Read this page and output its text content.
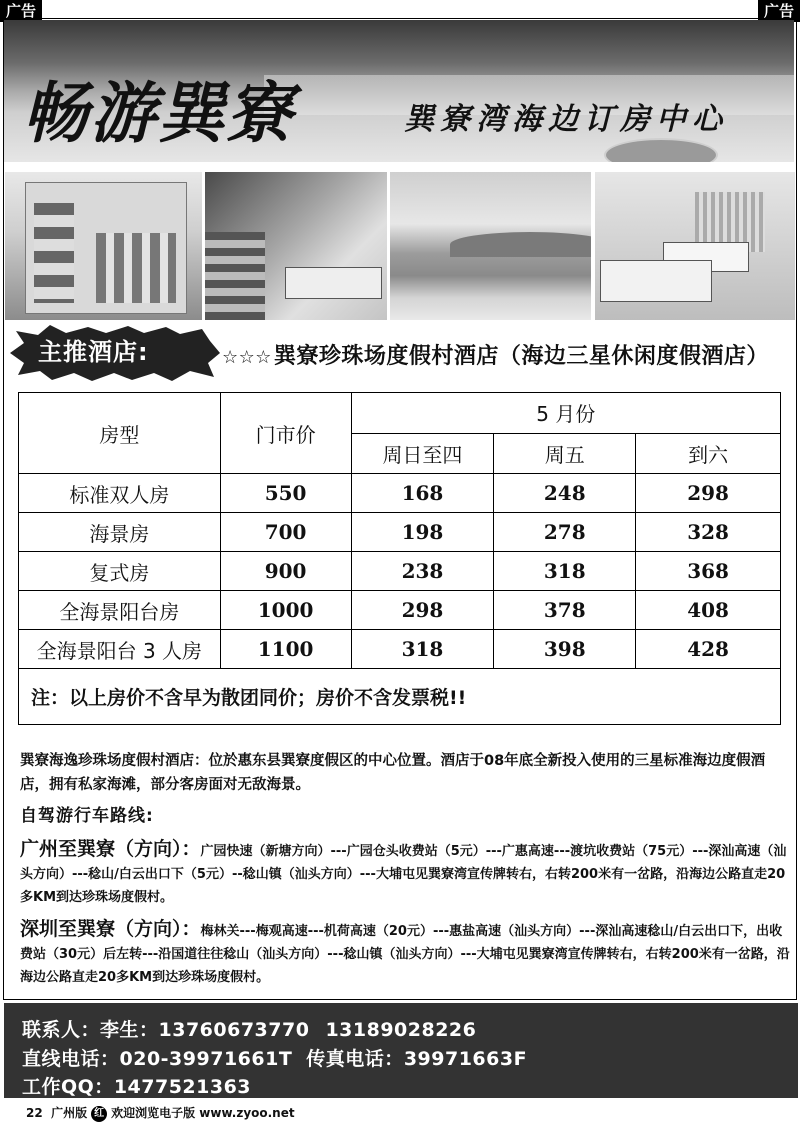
广告	广告
畅游巽寮	巽寮湾海边订房中心
主推酒店:	☆☆☆巽寮珍珠场度假村酒店（海边三星休闲度假酒店）
房型	门市价	5 月份		
		周日至四	周五	到六
标准双人房	550	168	248	298
海景房	700	198	278	328
复式房	900	238	318	368
全海景阳台房	1000	298	378	408
全海景阳台 3 人房	1100	318	398	428
注：以上房价不含早为散团同价；房价不含发票税!!				
巽寮海逸珍珠场度假村酒店：位於惠东县巽寮度假区的中心位置。酒店于08年底全新投入使用的三星标准海边度假酒店，拥有私家海滩，部分客房面对无敌海景。
自驾游行车路线:
广州至巽寮（方向）：广园快速（新塘方向）---广园仓头收费站（5元）---广惠高速---渡坑收费站（75元）---深汕高速（汕头方向）---稔山/白云出口下（5元）--稔山镇（汕头方向）---大埔屯见巽寮湾宣传牌转右，右转200米有一岔路，沿海边公路直走20多KM到达珍珠场度假村。
深圳至巽寮（方向）：梅林关---梅观高速---机荷高速（20元）---惠盐高速（汕头方向）---深汕高速稔山/白云出口下，出收费站（30元）后左转---沿国道往往稔山（汕头方向）---稔山镇（汕头方向）---大埔屯见巽寮湾宣传牌转右，右转200米有一岔路，沿海边公路直走20多KM到达珍珠场度假村。
联系人：李生：13760673770 13189028226
直线电话：020-39971661T 传真电话：39971663F
工作QQ：1477521363
22 广州版 红 欢迎浏览电子版 www.zyoo.net
